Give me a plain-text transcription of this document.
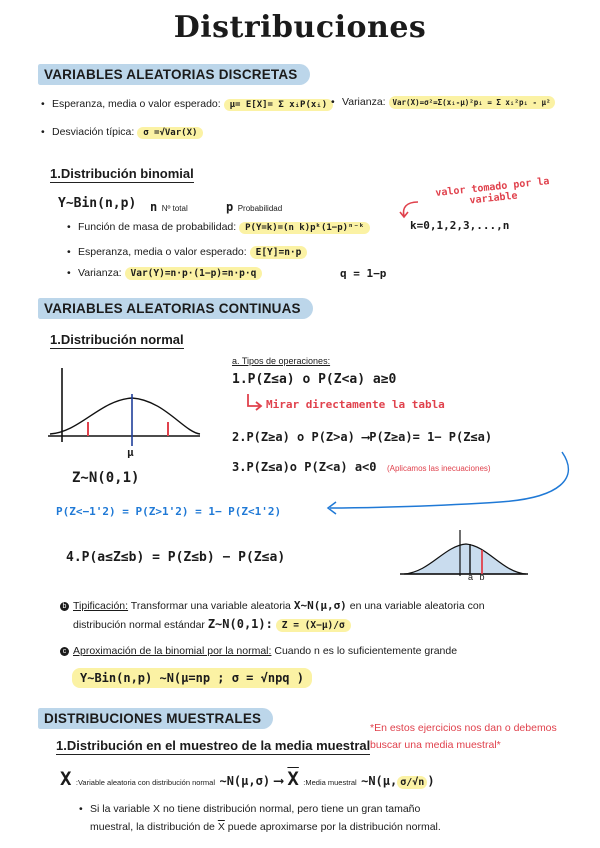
Distribuciones
VARIABLES ALEATORIAS DISCRETAS
• Esperanza, media o valor esperado: μ= E[X]= Σ xᵢP(xᵢ)	• Varianza: Var(X)=σ²=Σ(xᵢ-μ)²pᵢ = Σ xᵢ²pᵢ - μ²
• Desviación típica: σ =√Var(X)
1.Distribución binomial
Y∼Bin(n,p) n Nº total	p Probabilidad
valor tomado por la variable
• Función de masa de probabilidad: P(Y=k)=(n k)pᵏ(1−p)ⁿ⁻ᵏ	k=0,1,2,3,...,n
• Esperanza, media o valor esperado: E[Y]=n·p
• Varianza: Var(Y)=n·p·(1−p)=n·p·q	q = 1−p
VARIABLES ALEATORIAS CONTINUAS
1.Distribución normal
μ
Z∼N(0,1)
a. Tipos de operaciones:
1.P(Z≤a) o P(Z<a) a≥0
Mirar directamente la tabla
2.P(Z≥a) o P(Z>a) ⟶P(Z≥a)= 1− P(Z≤a)
3.P(Z≤a)o P(Z<a) a<0 (Aplicamos las inecuaciones)
P(Z<−1'2) = P(Z>1'2) = 1− P(Z<1'2)
4.P(a≤Z≤b) = P(Z≤b) − P(Z≤a)
a b
b Tipificación: Transformar una variable aleatoria X∼N(μ,σ) en una variable aleatoria con
distribución normal estándar Z∼N(0,1): Z = (X−μ)/σ
c Aproximación de la binomial por la normal: Cuando n es lo suficientemente grande
Y∼Bin(n,p) ∼N(μ=np ; σ = √npq )
DISTRIBUCIONES MUESTRALES
*En estos ejercicios nos dan o debemos
buscar una media muestral*
1.Distribución en el muestreo de la media muestral
X :Variable aleatoria con distribución normal ∼N(μ,σ) ⟶ $\overline{X}$ :Media muestral ∼N(μ, σ/√n )
• Si la variable X no tiene distribución normal, pero tiene un gran tamaño
muestral, la distribución de $\overline{X}$ puede aproximarse por la distribución normal.
